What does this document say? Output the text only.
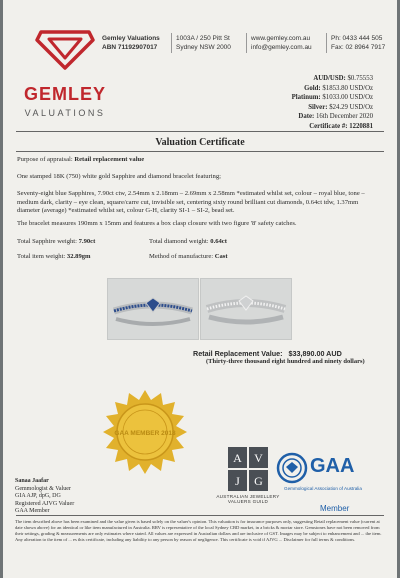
GEMLEY
VALUATIONS
Gemley Valuations
ABN 71192907017
1003A / 250 Pitt St
Sydney NSW 2000
www.gemley.com.au
info@gemley.com.au
Ph: 0433 444 505
Fax: 02 8964 7917
AUD/USD: $0.75553
Gold: $1853.80 USD/Oz
Platinum: $1033.00 USD/Oz
Silver: $24.29 USD/Oz
Date: 16th December 2020
Certificate #: 1220881
Valuation Certificate
Purpose of appraisal: Retail replacement value
One stamped 18K (750) white gold Sapphire and diamond bracelet featuring;
Seventy-eight blue Sapphires, 7.90ct ctw, 2.54mm x 2.18mm – 2.69mm x 2.58mm *estimated whilst set, colour – royal blue, tone – medium dark, clarity – eye clean, square/carre cut, invisible set, centering sixty round brilliant cut diamonds, 0.64ct tdw, 1.37mm diameter (average) *estimated whilst set, colour G-H, clarity SI-1 – SI-2, bead set.
The bracelet measures 190mm x 15mm and features a box clasp closure with two figure '8' safety catches.
Total Sapphire weight: 7.90ct	Total diamond weight: 0.64ct
Total item weight: 32.89gm	Method of manufacture: Cast
Retail Replacement Value: $33,890.00 AUD
(Thirty-three thousand eight hundred and ninety dollars)
GAA MEMBER 2018
Sanaa Jaafar
Gemmologist & Valuer
GIA AJP, dpG, DG
Registered AJVG Valuer
GAA Member
A V
J G
AUSTRALIAN JEWELLERY
VALUERS GUILD
GAA
Gemmological Association of Australia
Member
The item described above has been examined and the value given is based solely on the valuer's opinion. This valuation is for insurance purposes only, suggesting Retail replacement value (current at date shown above) for an identical or like item manufactured in Australia. RRV is representative of the local Sydney CBD market, in a bricks & mortar store. Gemstones have not been removed from their settings, grading & measurements are only estimates where stated. All values are expressed in Australian dollars and are inclusive of GST. Images may be subject to enhancement and ... the item. Any alteration to the item of ... es this certificate, including any liability to any person by reason of negligence. This certificate is void if AJVG ... Disclaimer for full terms & conditions.
